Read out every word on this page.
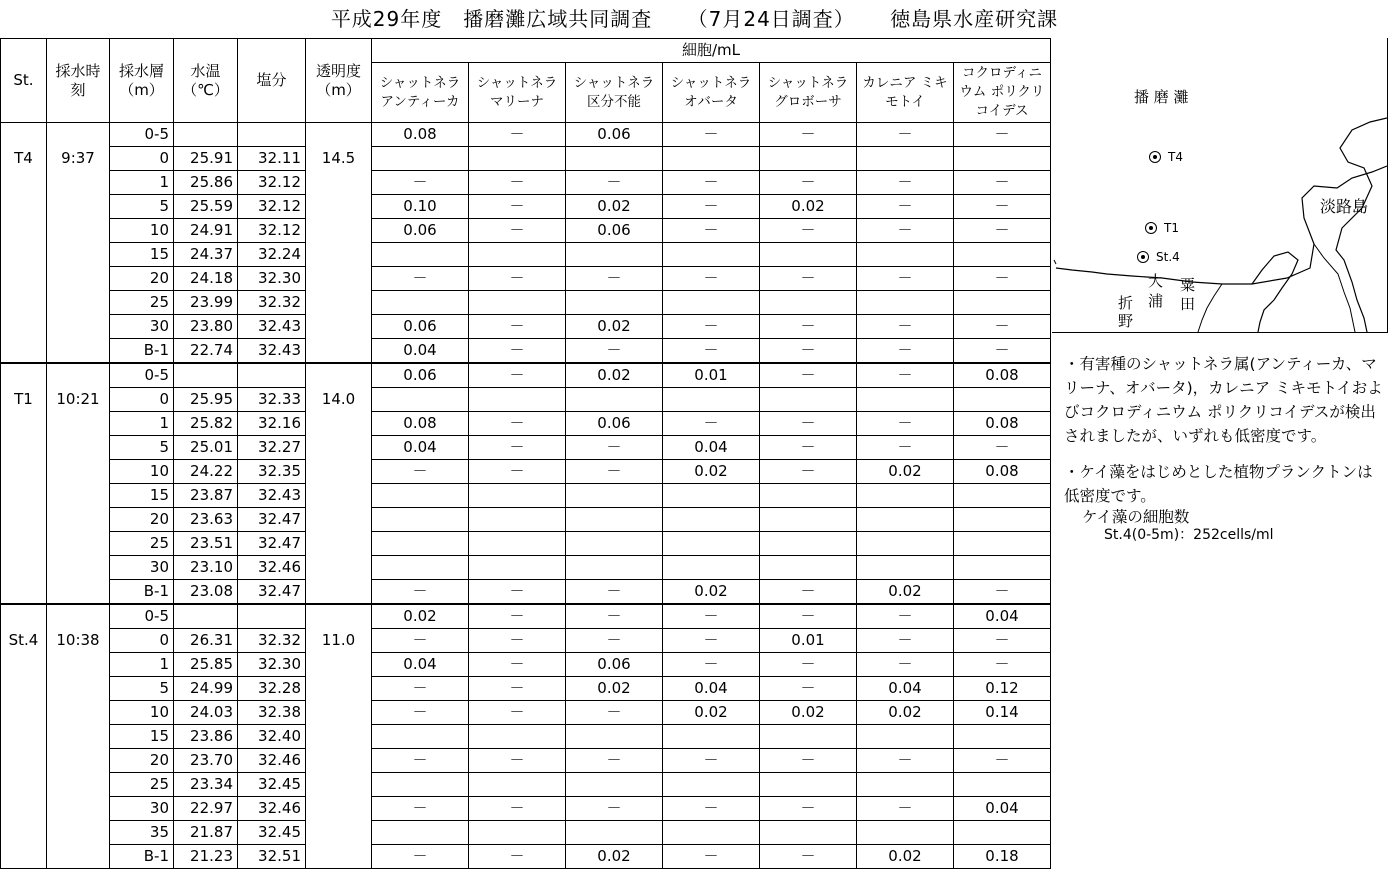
平成29年度　播磨灘広域共同調査 （7月24日調査） 徳島県水産研究課
St.	採水時刻	採水層（m）	水温（℃）	塩分	透明度（m）	細胞/mL						
						シャットネラ アンティーカ	シャットネラ マリーナ	シャットネラ 区分不能	シャットネラ オバータ	シャットネラ グロボーサ	カレニア ミキモトイ	コクロディニウム ポリクリコイデス
T4	9:37	0-5			14.5	0.08	－	0.06	－	－	－	－
		0	25.91	32.11								
		1	25.86	32.12		－	－	－	－	－	－	－
		5	25.59	32.12		0.10	－	0.02	－	0.02	－	－
		10	24.91	32.12		0.06	－	0.06	－	－	－	－
		15	24.37	32.24								
		20	24.18	32.30		－	－	－	－	－	－	－
		25	23.99	32.32								
		30	23.80	32.43		0.06	－	0.02	－	－	－	－
		B-1	22.74	32.43		0.04	－	－	－	－	－	－
T1	10:21	0-5			14.0	0.06	－	0.02	0.01	－	－	0.08
		0	25.95	32.33								
		1	25.82	32.16		0.08	－	0.06	－	－	－	0.08
		5	25.01	32.27		0.04	－	－	0.04	－	－	－
		10	24.22	32.35		－	－	－	0.02	－	0.02	0.08
		15	23.87	32.43								
		20	23.63	32.47								
		25	23.51	32.47								
		30	23.10	32.46								
		B-1	23.08	32.47		－	－	－	0.02	－	0.02	－
St.4	10:38	0-5			11.0	0.02	－	－	－	－	－	0.04
		0	26.31	32.32		－	－	－	－	0.01	－	－
		1	25.85	32.30		0.04	－	0.06	－	－	－	－
		5	24.99	32.28		－	－	0.02	0.04	－	0.04	0.12
		10	24.03	32.38		－	－	－	0.02	0.02	0.02	0.14
		15	23.86	32.40								
		20	23.70	32.46		－	－	－	－	－	－	－
		25	23.34	32.45								
		30	22.97	32.46		－	－	－	－	－	－	0.04
		35	21.87	32.45								
		B-1	21.23	32.51		－	－	0.02	－	－	0.02	0.18
播 磨 灘
淡路島
T4
T1
St.4
大
浦
粟
田
折
野

・有害種のシャットネラ属(アンティーカ、マリーナ、オバータ)，カレニア ミキモトイおよびコクロディニウム ポリクリコイデスが検出されましたが、いずれも低密度です。

・ケイ藻をはじめとした植物プランクトンは低密度です。

ケイ藻の細胞数

St.4(0-5m)：252cells/ml
